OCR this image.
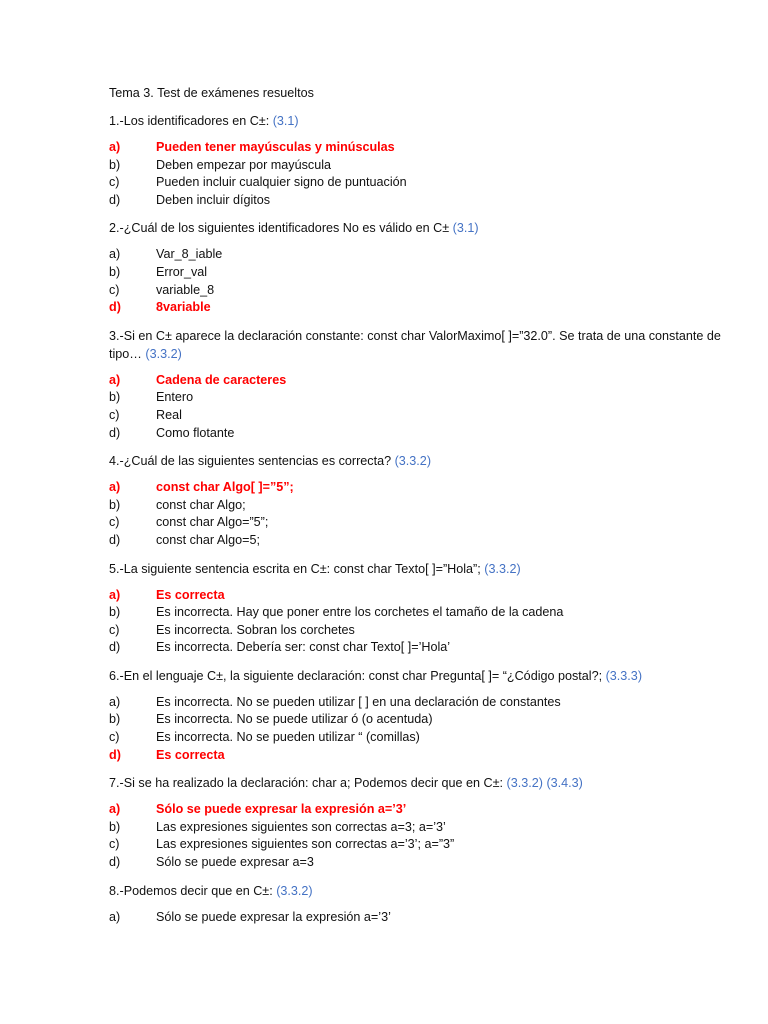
Tema 3. Test de exámenes resueltos

1.-Los identificadores en C±: (3.1)

a)	Pueden tener mayúsculas y minúsculas
b)	Deben empezar por mayúscula
c)	Pueden incluir cualquier signo de puntuación
d)	Deben incluir dígitos

2.-¿Cuál de los siguientes identificadores No es válido en C± (3.1)

a)	Var_8_iable
b)	Error_val
c)	variable_8
d)	8variable

3.-Si en C± aparece la declaración constante: const char ValorMaximo[ ]=”32.0”. Se trata de una constante de tipo… (3.3.2)

a)	Cadena de caracteres
b)	Entero
c)	Real
d)	Como flotante

4.-¿Cuál de las siguientes sentencias es correcta? (3.3.2)

a)	const char Algo[ ]=”5”;
b)	const char Algo;
c)	const char Algo=”5”;
d)	const char Algo=5;

5.-La siguiente sentencia escrita en C±: const char Texto[ ]=”Hola”; (3.3.2)

a)	Es correcta
b)	Es incorrecta. Hay que poner entre los corchetes el tamaño de la cadena
c)	Es incorrecta. Sobran los corchetes
d)	Es incorrecta. Debería ser: const char Texto[ ]=’Hola’

6.-En el lenguaje C±, la siguiente declaración: const char Pregunta[ ]= “¿Código postal?; (3.3.3)

a)	Es incorrecta. No se pueden utilizar [ ] en una declaración de constantes
b)	Es incorrecta. No se puede utilizar ó (o acentuda)
c)	Es incorrecta. No se pueden utilizar “ (comillas)
d)	Es correcta

7.-Si se ha realizado la declaración: char a; Podemos decir que en C±: (3.3.2) (3.4.3)

a)	Sólo se puede expresar la expresión a=’3’
b)	Las expresiones siguientes son correctas a=3; a=’3’
c)	Las expresiones siguientes son correctas a=’3’; a=”3”
d)	Sólo se puede expresar a=3

8.-Podemos decir que en C±: (3.3.2)

a)	Sólo se puede expresar la expresión a=’3’
